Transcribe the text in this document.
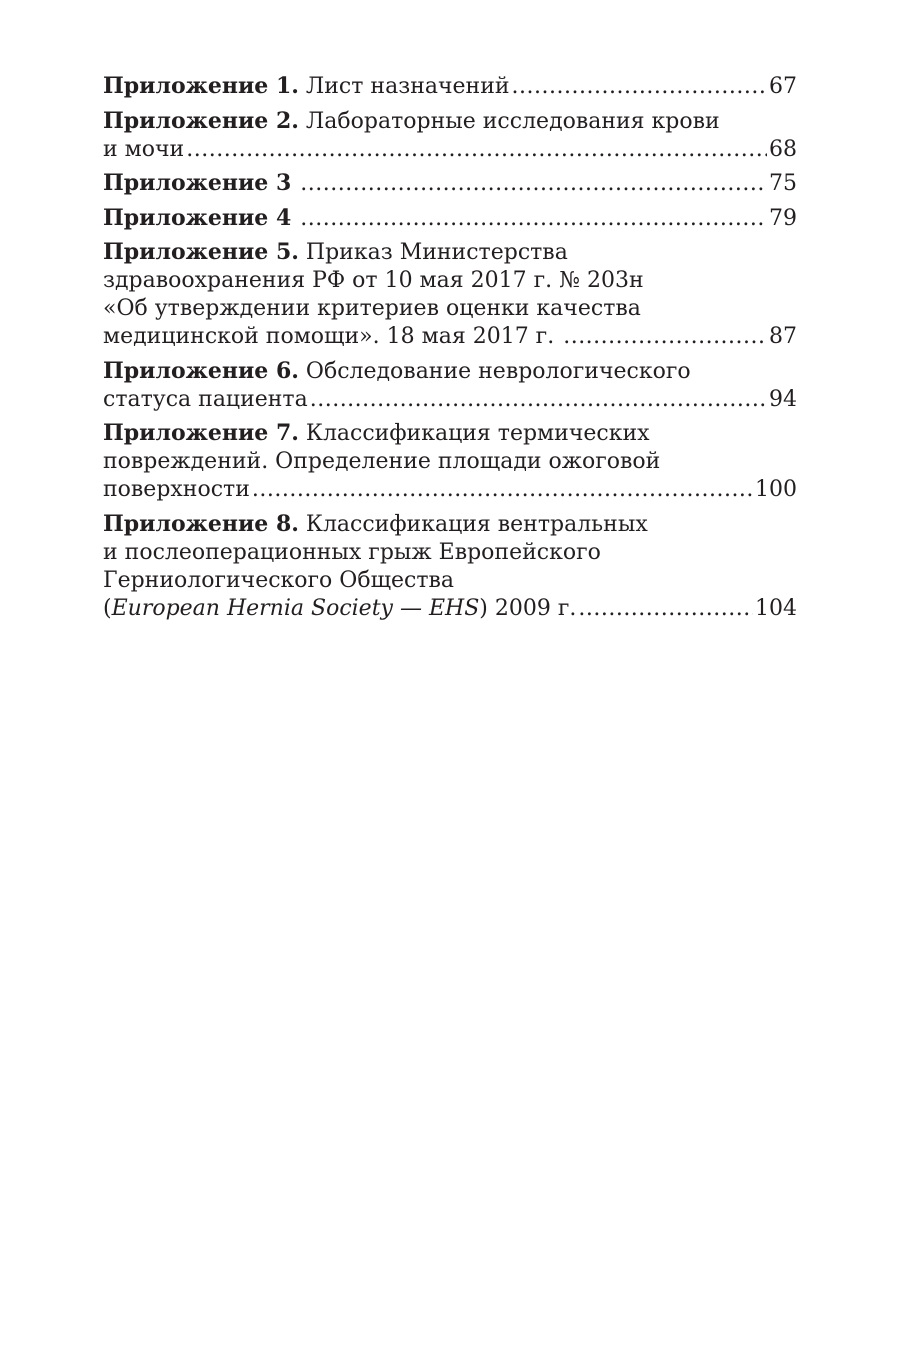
Приложение 1. Лист назначений .....	67
Приложение 2. Лабораторные исследования крови
и мочи .....	68
Приложение 3 .....	75
Приложение 4 .....	79
Приложение 5. Приказ Министерства
здравоохранения РФ от 10 мая 2017 г. № 203н
«Об утверждении критериев оценки качества
медицинской помощи». 18 мая 2017 г. .....	87
Приложение 6. Обследование неврологического
статуса пациента .....	94
Приложение 7. Классификация термических
повреждений. Определение площади ожоговой
поверхности .....	100
Приложение 8. Классификация вентральных
и послеоперационных грыж Европейского
Герниологического Общества
(European Hernia Society — EHS) 2009 г. .....	104
